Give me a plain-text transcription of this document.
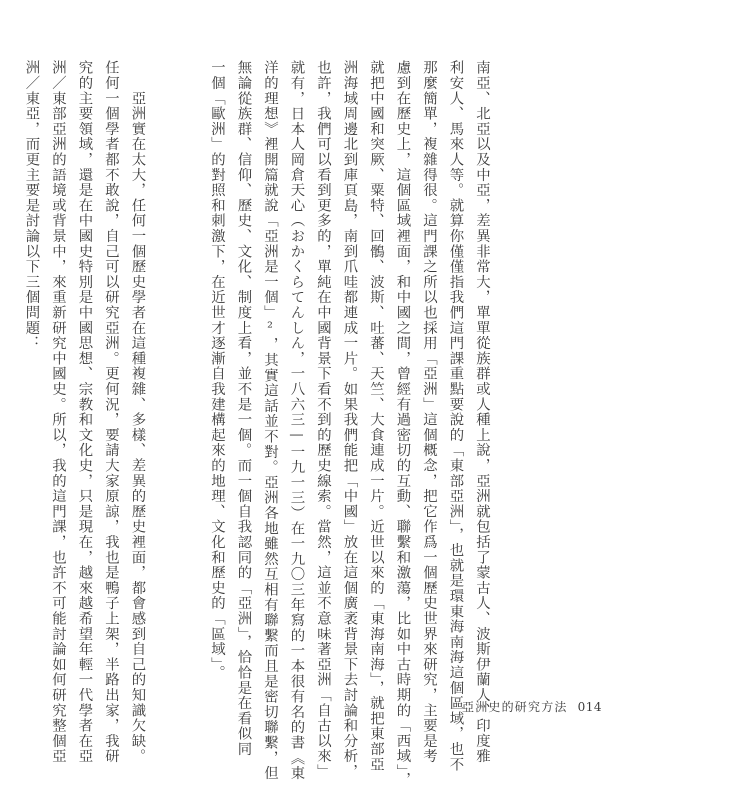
南亞、北亞以及中亞，差異非常大，單單從族群或人種上說，亞洲就包括了蒙古人、波斯伊蘭人、印度雅
利安人、馬來人等。就算你僅僅指我們這門課重點要說的「東部亞洲」，也就是環東海南海這個區域，也不
那麼簡單，複雜得很。這門課之所以也採用「亞洲」這個概念，把它作爲一個歷史世界來研究，主要是考
慮到在歷史上，這個區域裡面，和中國之間，曾經有過密切的互動、聯繫和激蕩，比如中古時期的「西域」，
就把中國和突厥、粟特、回鶻、波斯、吐蕃、天竺、大食連成一片。近世以來的「東海南海」，就把東部亞
洲海域周邊北到庫頁島，南到爪哇都連成一片。如果我們能把「中國」放在這個廣袤背景下去討論和分析，
也許，我們可以看到更多的，單純在中國背景下看不到的歷史線索。當然，這並不意味著亞洲「自古以來」
就有，日本人岡倉天心（おかくらてんしん，一八六三—一九一三）在一九〇三年寫的一本很有名的書《東
洋的理想》裡開篇就說「亞洲是一個」²，其實這話並不對。亞洲各地雖然互相有聯繫而且是密切聯繫，但
無論從族群、信仰、歷史、文化、制度上看，並不是一個。而一個自我認同的「亞洲」，恰恰是在看似同
一個「歐洲」的對照和刺激下，在近世才逐漸自我建構起來的地理、文化和歷史的「區域」。

　　亞洲實在太大，任何一個歷史學者在這種複雜、多樣、差異的歷史裡面，都會感到自己的知識欠缺。
任何一個學者都不敢說，自己可以研究亞洲。更何況，要請大家原諒，我也是鴨子上架，半路出家，我研
究的主要領域，還是在中國史特別是中國思想、宗教和文化史，只是現在，越來越希望年輕一代學者在亞
洲／東部亞洲的語境或背景中，來重新研究中國史。所以，我的這門課，也許不可能討論如何研究整個亞
洲／東亞，而更主要是討論以下三個問題：

亞洲史的研究方法 014
